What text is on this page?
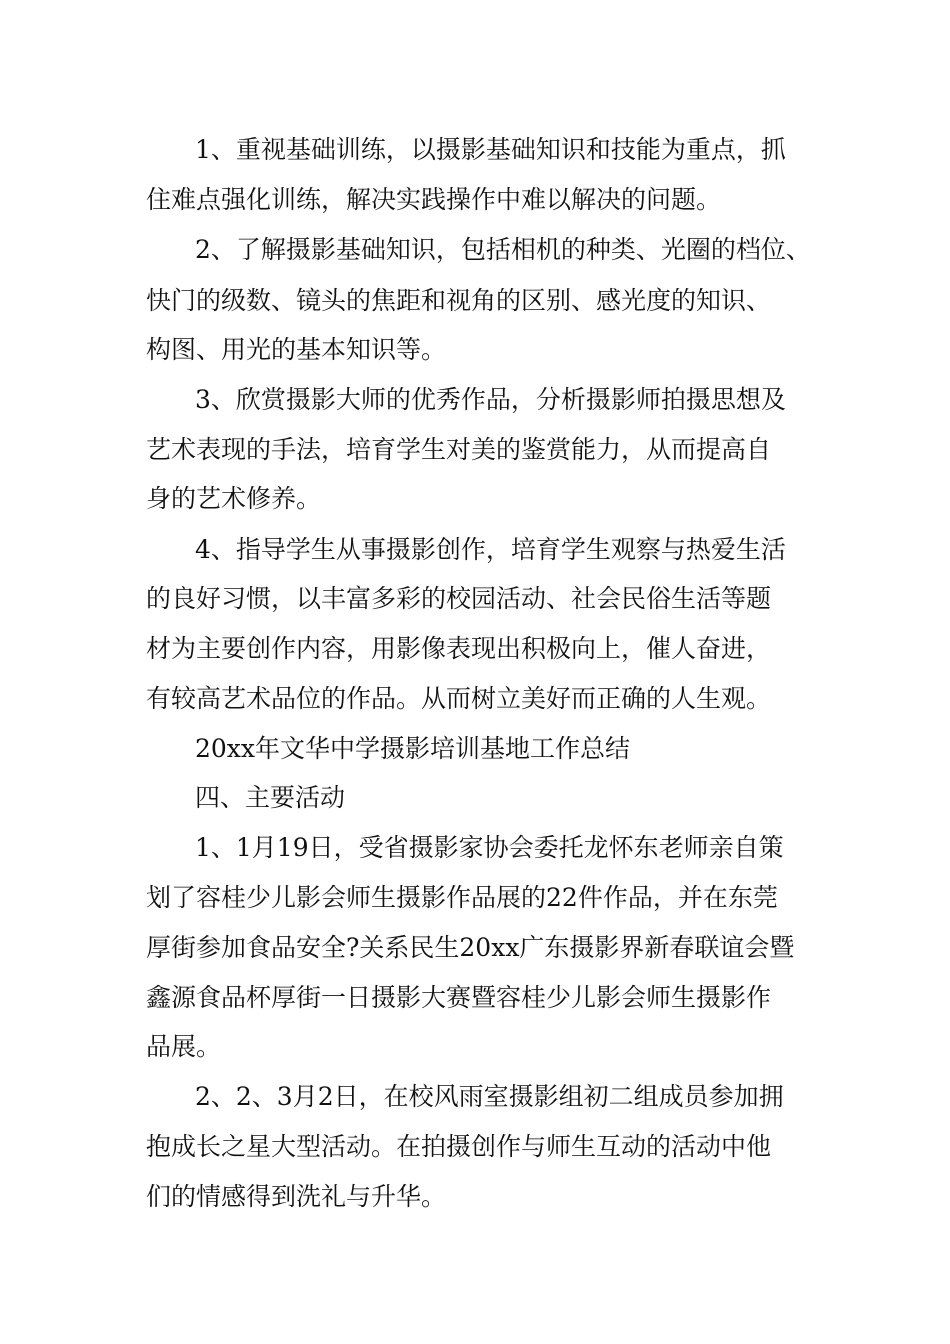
1、重视基础训练，以摄影基础知识和技能为重点，抓
住难点强化训练，解决实践操作中难以解决的问题。
2、了解摄影基础知识，包括相机的种类、光圈的档位、
快门的级数、镜头的焦距和视角的区别、感光度的知识、
构图、用光的基本知识等。
3、欣赏摄影大师的优秀作品，分析摄影师拍摄思想及
艺术表现的手法，培育学生对美的鉴赏能力，从而提高自
身的艺术修养。
4、指导学生从事摄影创作，培育学生观察与热爱生活
的良好习惯，以丰富多彩的校园活动、社会民俗生活等题
材为主要创作内容，用影像表现出积极向上，催人奋进，
有较高艺术品位的作品。从而树立美好而正确的人生观。
20xx年文华中学摄影培训基地工作总结
四、主要活动
1、1月19日，受省摄影家协会委托龙怀东老师亲自策
划了容桂少儿影会师生摄影作品展的22件作品，并在东莞
厚街参加食品安全?关系民生20xx广东摄影界新春联谊会暨
鑫源食品杯厚街一日摄影大赛暨容桂少儿影会师生摄影作
品展。
2、2、3月2日，在校风雨室摄影组初二组成员参加拥
抱成长之星大型活动。在拍摄创作与师生互动的活动中他
们的情感得到洗礼与升华。
